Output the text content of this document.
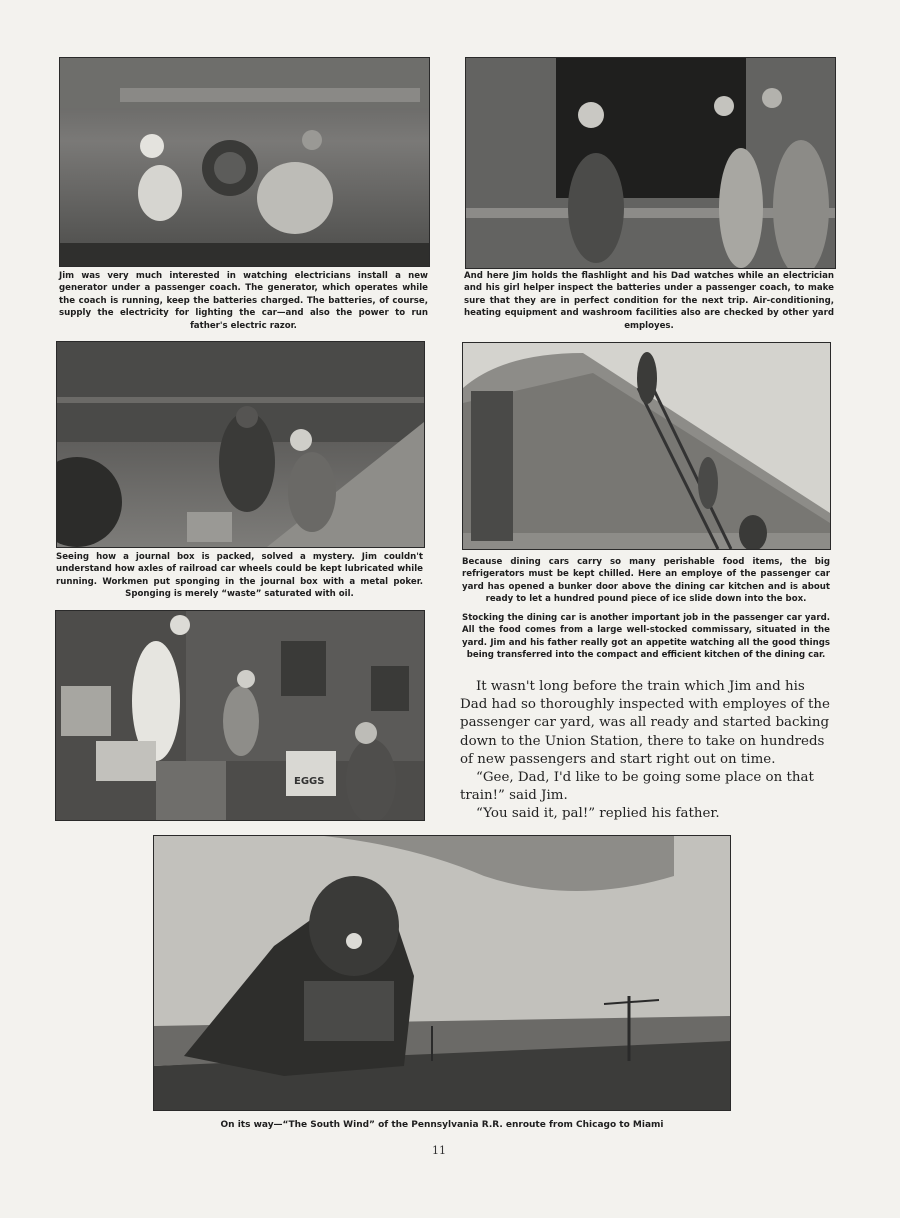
Jim was very much interested in watching electricians install a new generator under a passenger coach. The generator, which operates while the coach is running, keep the batteries charged. The batteries, of course, supply the electricity for lighting the car—and also the power to run father's electric razor.

And here Jim holds the flashlight and his Dad watches while an electrician and his girl helper inspect the batteries under a passenger coach, to make sure that they are in perfect condition for the next trip. Air-conditioning, heating equipment and washroom facilities also are checked by other yard employes.

Seeing how a journal box is packed, solved a mystery. Jim couldn't understand how axles of railroad car wheels could be kept lubricated while running. Workmen put sponging in the journal box with a metal poker. Sponging is merely “waste” saturated with oil.

Because dining cars carry so many perishable food items, the big refrigerators must be kept chilled. Here an employe of the passenger car yard has opened a bunker door above the dining car kitchen and is about ready to let a hundred pound piece of ice slide down into the box.

Stocking the dining car is another important job in the passenger car yard. All the food comes from a large well-stocked commissary, situated in the yard. Jim and his father really got an appetite watching all the good things being transferred into the compact and efficient kitchen of the dining car.

EGGS

It wasn't long before the train which Jim and his Dad had so thoroughly inspected with employes of the passenger car yard, was all ready and started backing down to the Union Station, there to take on hundreds of new passengers and start right out on time.

“Gee, Dad, I'd like to be going some place on that train!” said Jim.

“You said it, pal!” replied his father.

On its way—“The South Wind” of the Pennsylvania R.R. enroute from Chicago to Miami
11
